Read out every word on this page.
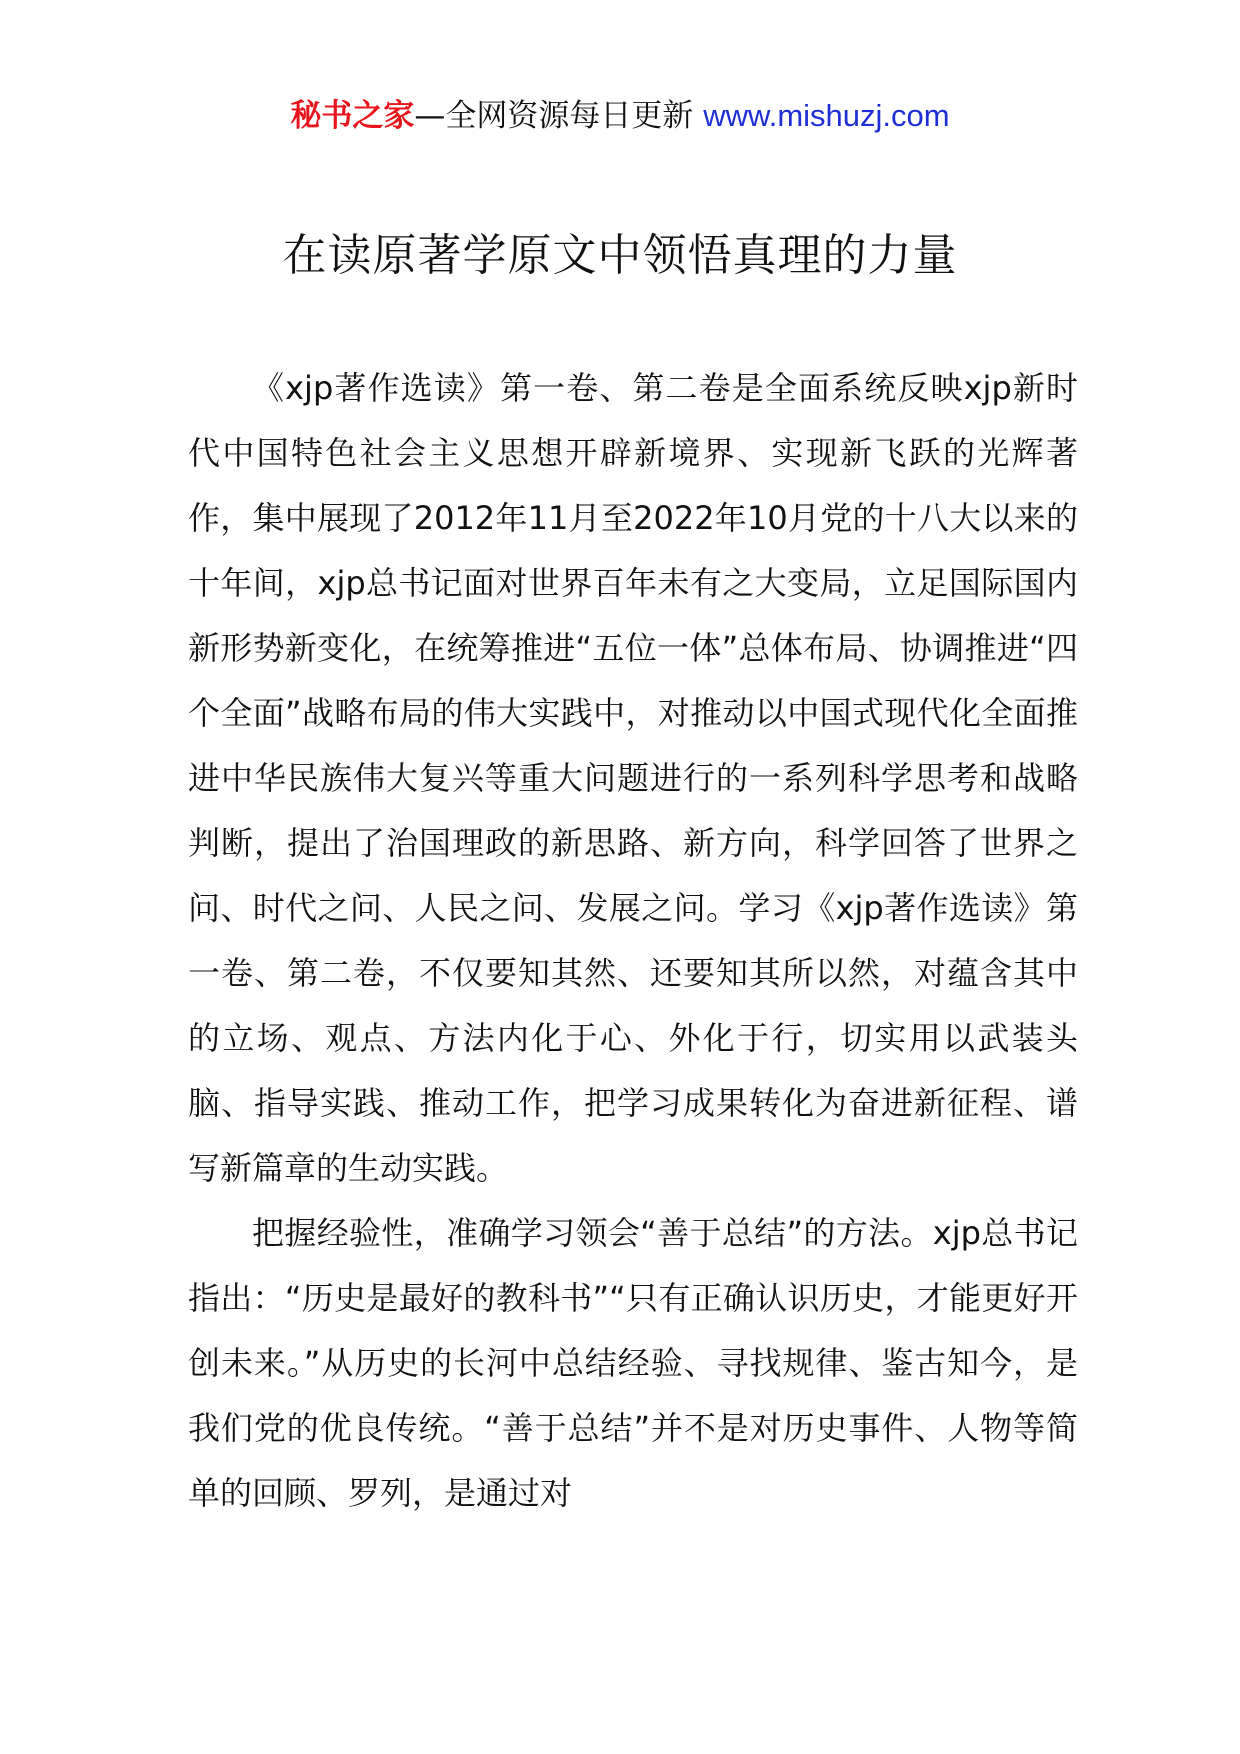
秘书之家—全网资源每日更新 www.mishuzj.com
在读原著学原文中领悟真理的力量

《xjp著作选读》第一卷、第二卷是全面系统反映xjp新时代中国特色社会主义思想开辟新境界、实现新飞跃的光辉著作，集中展现了2012年11月至2022年10月党的十八大以来的十年间，xjp总书记面对世界百年未有之大变局，立足国际国内新形势新变化，在统筹推进“五位一体”总体布局、协调推进“四个全面”战略布局的伟大实践中，对推动以中国式现代化全面推进中华民族伟大复兴等重大问题进行的一系列科学思考和战略判断，提出了治国理政的新思路、新方向，科学回答了世界之问、时代之问、人民之问、发展之问。学习《xjp著作选读》第一卷、第二卷，不仅要知其然、还要知其所以然，对蕴含其中的立场、观点、方法内化于心、外化于行，切实用以武装头脑、指导实践、推动工作，把学习成果转化为奋进新征程、谱写新篇章的生动实践。

把握经验性，准确学习领会“善于总结”的方法。xjp总书记指出：“历史是最好的教科书”“只有正确认识历史，才能更好开创未来。”从历史的长河中总结经验、寻找规律、鉴古知今，是我们党的优良传统。“善于总结”并不是对历史事件、人物等简单的回顾、罗列，是通过对
